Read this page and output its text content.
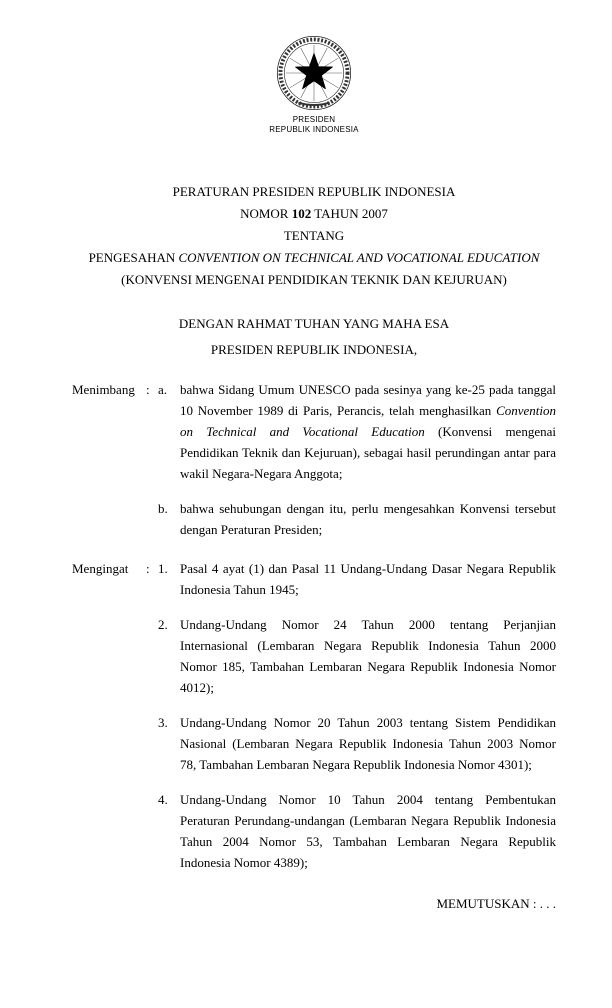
PRESIDEN
REPUBLIK INDONESIA
PERATURAN PRESIDEN REPUBLIK INDONESIA
NOMOR 102 TAHUN 2007
TENTANG
PENGESAHAN CONVENTION ON TECHNICAL AND VOCATIONAL EDUCATION
(KONVENSI MENGENAI PENDIDIKAN TEKNIK DAN KEJURUAN)
DENGAN RAHMAT TUHAN YANG MAHA ESA
PRESIDEN REPUBLIK INDONESIA,
Menimbang : a. bahwa Sidang Umum UNESCO pada sesinya yang ke-25 pada tanggal 10 November 1989 di Paris, Perancis, telah menghasilkan Convention on Technical and Vocational Education (Konvensi mengenai Pendidikan Teknik dan Kejuruan), sebagai hasil perundingan antar para wakil Negara-Negara Anggota;
b. bahwa sehubungan dengan itu, perlu mengesahkan Konvensi tersebut dengan Peraturan Presiden;
Mengingat	: 1. Pasal 4 ayat (1) dan Pasal 11 Undang-Undang Dasar Negara Republik Indonesia Tahun 1945;
2. Undang-Undang Nomor 24 Tahun 2000 tentang Perjanjian Internasional (Lembaran Negara Republik Indonesia Tahun 2000 Nomor 185, Tambahan Lembaran Negara Republik Indonesia Nomor 4012);
3. Undang-Undang Nomor 20 Tahun 2003 tentang Sistem Pendidikan Nasional (Lembaran Negara Republik Indonesia Tahun 2003 Nomor 78, Tambahan Lembaran Negara Republik Indonesia Nomor 4301);
4. Undang-Undang Nomor 10 Tahun 2004 tentang Pembentukan Peraturan Perundang-undangan (Lembaran Negara Republik Indonesia Tahun 2004 Nomor 53, Tambahan Lembaran Negara Republik Indonesia Nomor 4389);
MEMUTUSKAN : . . .
